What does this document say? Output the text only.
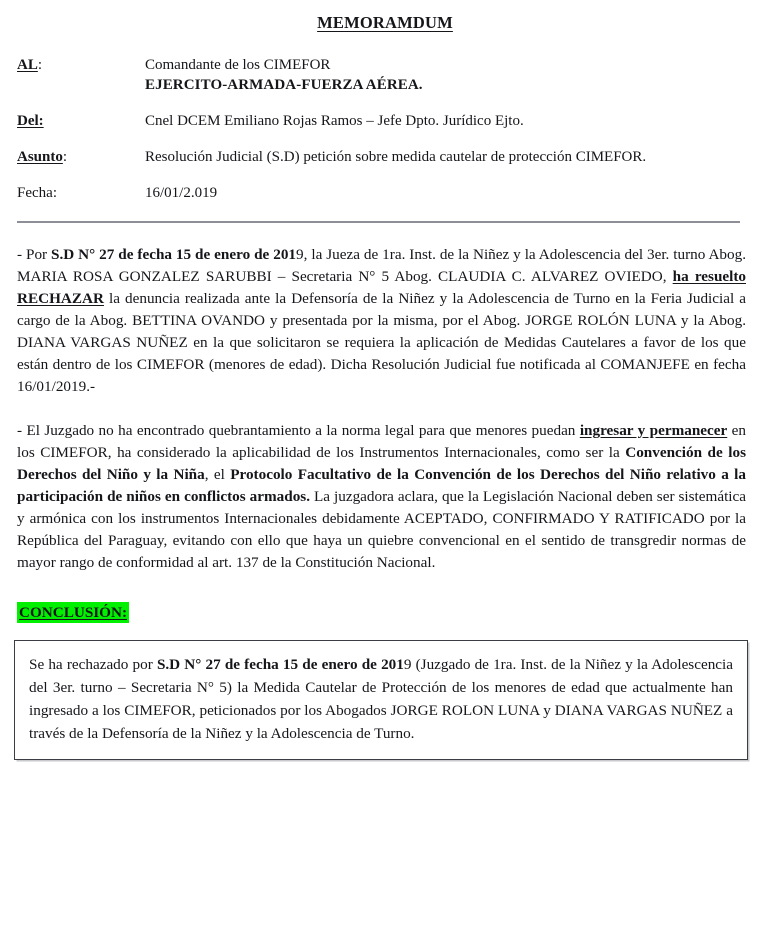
MEMORAMDUM
AL:	Comandante de los CIMEFOR
EJERCITO-ARMADA-FUERZA AÉREA.
Del:	Cnel DCEM Emiliano Rojas Ramos – Jefe Dpto. Jurídico Ejto.
Asunto:	Resolución Judicial (S.D) petición sobre medida cautelar de protección CIMEFOR.
Fecha:	16/01/2.019

- Por S.D N° 27 de fecha 15 de enero de 2019, la Jueza de 1ra. Inst. de la Niñez y la Adolescencia del 3er. turno Abog. MARIA ROSA GONZALEZ SARUBBI – Secretaria N° 5 Abog. CLAUDIA C. ALVAREZ OVIEDO, ha resuelto RECHAZAR la denuncia realizada ante la Defensoría de la Niñez y la Adolescencia de Turno en la Feria Judicial a cargo de la Abog. BETTINA OVANDO y presentada por la misma, por el Abog. JORGE ROLÓN LUNA y la Abog. DIANA VARGAS NUÑEZ en la que solicitaron se requiera la aplicación de Medidas Cautelares a favor de los que están dentro de los CIMEFOR (menores de edad). Dicha Resolución Judicial fue notificada al COMANJEFE en fecha 16/01/2019.-

- El Juzgado no ha encontrado quebrantamiento a la norma legal para que menores puedan ingresar y permanecer en los CIMEFOR, ha considerado la aplicabilidad de los Instrumentos Internacionales, como ser la Convención de los Derechos del Niño y la Niña, el Protocolo Facultativo de la Convención de los Derechos del Niño relativo a la participación de niños en conflictos armados. La juzgadora aclara, que la Legislación Nacional deben ser sistemática y armónica con los instrumentos Internacionales debidamente ACEPTADO, CONFIRMADO Y RATIFICADO por la República del Paraguay, evitando con ello que haya un quiebre convencional en el sentido de transgredir normas de mayor rango de conformidad al art. 137 de la Constitución Nacional.

CONCLUSIÓN:

Se ha rechazado por S.D N° 27 de fecha 15 de enero de 2019 (Juzgado de 1ra. Inst. de la Niñez y la Adolescencia del 3er. turno – Secretaria N° 5) la Medida Cautelar de Protección de los menores de edad que actualmente han ingresado a los CIMEFOR, peticionados por los Abogados JORGE ROLON LUNA y DIANA VARGAS NUÑEZ a través de la Defensoría de la Niñez y la Adolescencia de Turno.
